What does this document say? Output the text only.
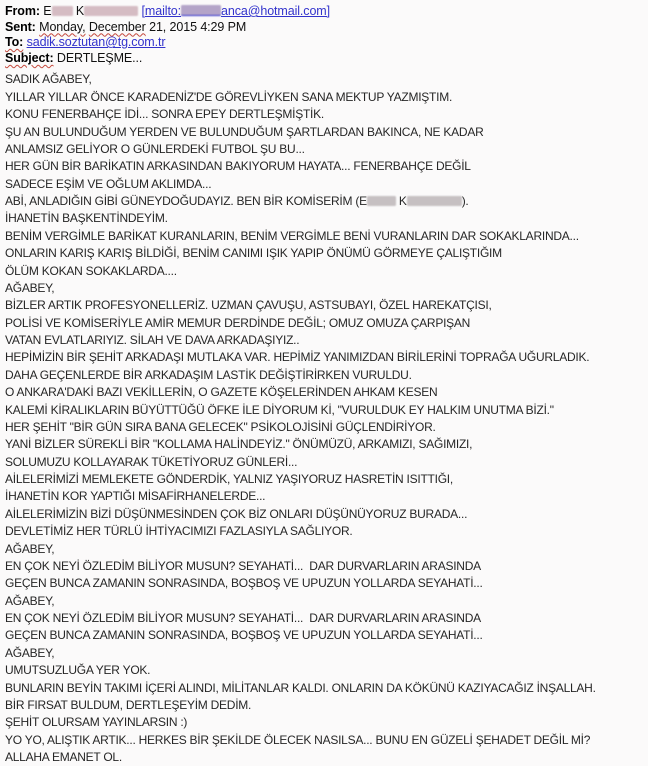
From: E K	[mailto:	anca@hotmail.com]
Sent: Monday, December 21, 2015 4:29 PM
To: sadik.soztutan@tg.com.tr
Subject: DERTLEŞME...
SADIK AĞABEY,
YILLAR YILLAR ÖNCE KARADENİZ'DE GÖREVLİYKEN SANA MEKTUP YAZMIŞTIM.
KONU FENERBAHÇE İDİ... SONRA EPEY DERTLEŞMİŞTİK.
ŞU AN BULUNDUĞUM YERDEN VE BULUNDUĞUM ŞARTLARDAN BAKINCA, NE KADAR
ANLAMSIZ GELİYOR O GÜNLERDEKİ FUTBOL ŞU BU...
HER GÜN BİR BARİKATIN ARKASINDAN BAKIYORUM HAYATA... FENERBAHÇE DEĞİL
SADECE EŞİM VE OĞLUM AKLIMDA...
ABİ, ANLADIĞIN GİBİ GÜNEYDOĞUDAYIZ. BEN BİR KOMİSERİM (E K	).
İHANETİN BAŞKENTİNDEYİM.
BENİM VERGİMLE BARİKAT KURANLARIN, BENİM VERGİMLE BENİ VURANLARIN DAR SOKAKLARINDA...
ONLARIN KARIŞ KARIŞ BİLDİĞİ, BENİM CANIMI IŞIK YAPIP ÖNÜMÜ GÖRMEYE ÇALIŞTIĞIM
ÖLÜM KOKAN SOKAKLARDA....
AĞABEY,
BİZLER ARTIK PROFESYONELLERİZ. UZMAN ÇAVUŞU, ASTSUBAYI, ÖZEL HAREKATÇISI,
POLİSİ VE KOMİSERİYLE AMİR MEMUR DERDİNDE DEĞİL; OMUZ OMUZA ÇARPIŞAN
VATAN EVLATLARIYIZ. SİLAH VE DAVA ARKADAŞIYIZ..
HEPİMİZİN BİR ŞEHİT ARKADAŞI MUTLAKA VAR. HEPİMİZ YANIMIZDAN BİRİLERİNİ TOPRAĞA UĞURLADIK.
DAHA GEÇENLERDE BİR ARKADAŞIM LASTİK DEĞİŞTİRİRKEN VURULDU.
O ANKARA'DAKİ BAZI VEKİLLERİN, O GAZETE KÖŞELERİNDEN AHKAM KESEN
KALEMİ KİRALIKLARIN BÜYÜTTÜĞÜ ÖFKE İLE DİYORUM Kİ, "VURULDUK EY HALKIM UNUTMA BİZİ."
HER ŞEHİT "BİR GÜN SIRA BANA GELECEK" PSİKOLOJİSİNİ GÜÇLENDİRİYOR.
YANİ BİZLER SÜREKLİ BİR "KOLLAMA HALİNDEYİZ." ÖNÜMÜZÜ, ARKAMIZI, SAĞIMIZI,
SOLUMUZU KOLLAYARAK TÜKETİYORUZ GÜNLERİ...
AİLELERİMİZİ MEMLEKETE GÖNDERDİK, YALNIZ YAŞIYORUZ HASRETİN ISITTIĞI,
İHANETİN KOR YAPTIĞI MİSAFİRHANELERDE...
AİLELERİMİZİN BİZİ DÜŞÜNMESİNDEN ÇOK BİZ ONLARI DÜŞÜNÜYORUZ BURADA...
DEVLETİMİZ HER TÜRLÜ İHTİYACIMIZI FAZLASIYLA SAĞLIYOR.
AĞABEY,
EN ÇOK NEYİ ÖZLEDİM BİLİYOR MUSUN? SEYAHATİ...  DAR DURVARLARIN ARASINDA
GEÇEN BUNCA ZAMANIN SONRASINDA, BOŞBOŞ VE UPUZUN YOLLARDA SEYAHATİ...
AĞABEY,
EN ÇOK NEYİ ÖZLEDİM BİLİYOR MUSUN? SEYAHATİ...  DAR DURVARLARIN ARASINDA
GEÇEN BUNCA ZAMANIN SONRASINDA, BOŞBOŞ VE UPUZUN YOLLARDA SEYAHATİ...
AĞABEY,
UMUTSUZLUĞA YER YOK.
BUNLARIN BEYİN TAKIMI İÇERİ ALINDI, MİLİTANLAR KALDI. ONLARIN DA KÖKÜNÜ KAZIYACAĞIZ İNŞALLAH.
BİR FIRSAT BULDUM, DERTLEŞEYİM DEDİM.
ŞEHİT OLURSAM YAYINLARSIN :)
YO YO, ALIŞTIK ARTIK... HERKES BİR ŞEKİLDE ÖLECEK NASILSA... BUNU EN GÜZELİ ŞEHADET DEĞİL Mİ?
ALLAHA EMANET OL.
